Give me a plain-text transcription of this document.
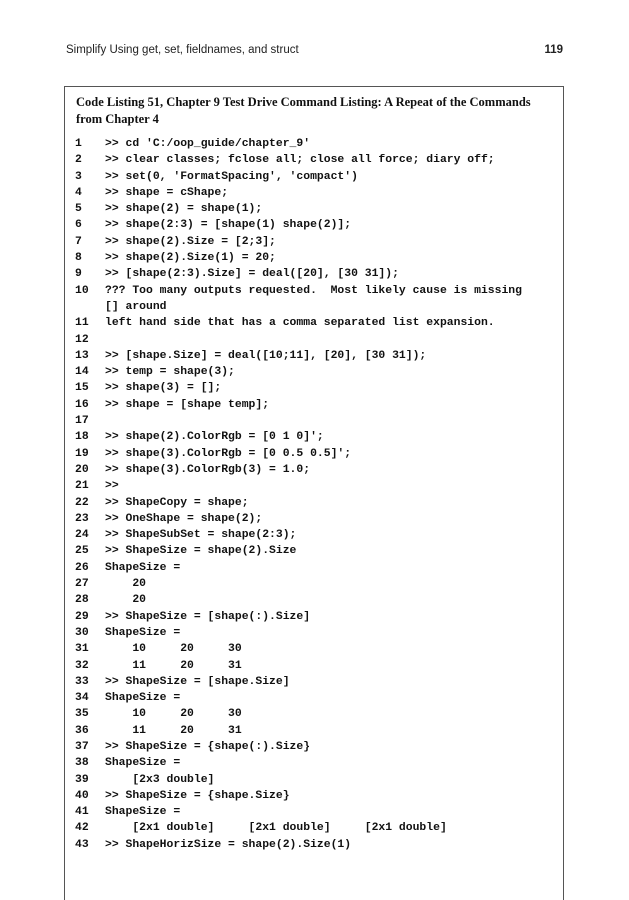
Simplify Using get, set, fieldnames, and struct	119
Code Listing 51, Chapter 9 Test Drive Command Listing: A Repeat of the Commands from Chapter 4
1	>> cd 'C:/oop_guide/chapter_9'
2	>> clear classes; fclose all; close all force; diary off;
3	>> set(0, 'FormatSpacing', 'compact')
4	>> shape = cShape;
5	>> shape(2) = shape(1);
6	>> shape(2:3) = [shape(1) shape(2)];
7	>> shape(2).Size = [2;3];
8	>> shape(2).Size(1) = 20;
9	>> [shape(2:3).Size] = deal([20], [30 31]);
10	??? Too many outputs requested.  Most likely cause is missing
[] around
11	left hand side that has a comma separated list expansion.
12
13	>> [shape.Size] = deal([10;11], [20], [30 31]);
14	>> temp = shape(3);
15	>> shape(3) = [];
16	>> shape = [shape temp];
17
18	>> shape(2).ColorRgb = [0 1 0]';
19	>> shape(3).ColorRgb = [0 0.5 0.5]';
20	>> shape(3).ColorRgb(3) = 1.0;
21	>>
22	>> ShapeCopy = shape;
23	>> OneShape = shape(2);
24	>> ShapeSubSet = shape(2:3);
25	>> ShapeSize = shape(2).Size
26	ShapeSize =
27	20
28	20
29	>> ShapeSize = [shape(:).Size]
30	ShapeSize =
31	10     20     30
32	11     20     31
33	>> ShapeSize = [shape.Size]
34	ShapeSize =
35	10     20     30
36	11     20     31
37	>> ShapeSize = {shape(:).Size}
38	ShapeSize =
39	[2x3 double]
40	>> ShapeSize = {shape.Size}
41	ShapeSize =
42	[2x1 double]     [2x1 double]     [2x1 double]
43	>> ShapeHorizSize = shape(2).Size(1)
